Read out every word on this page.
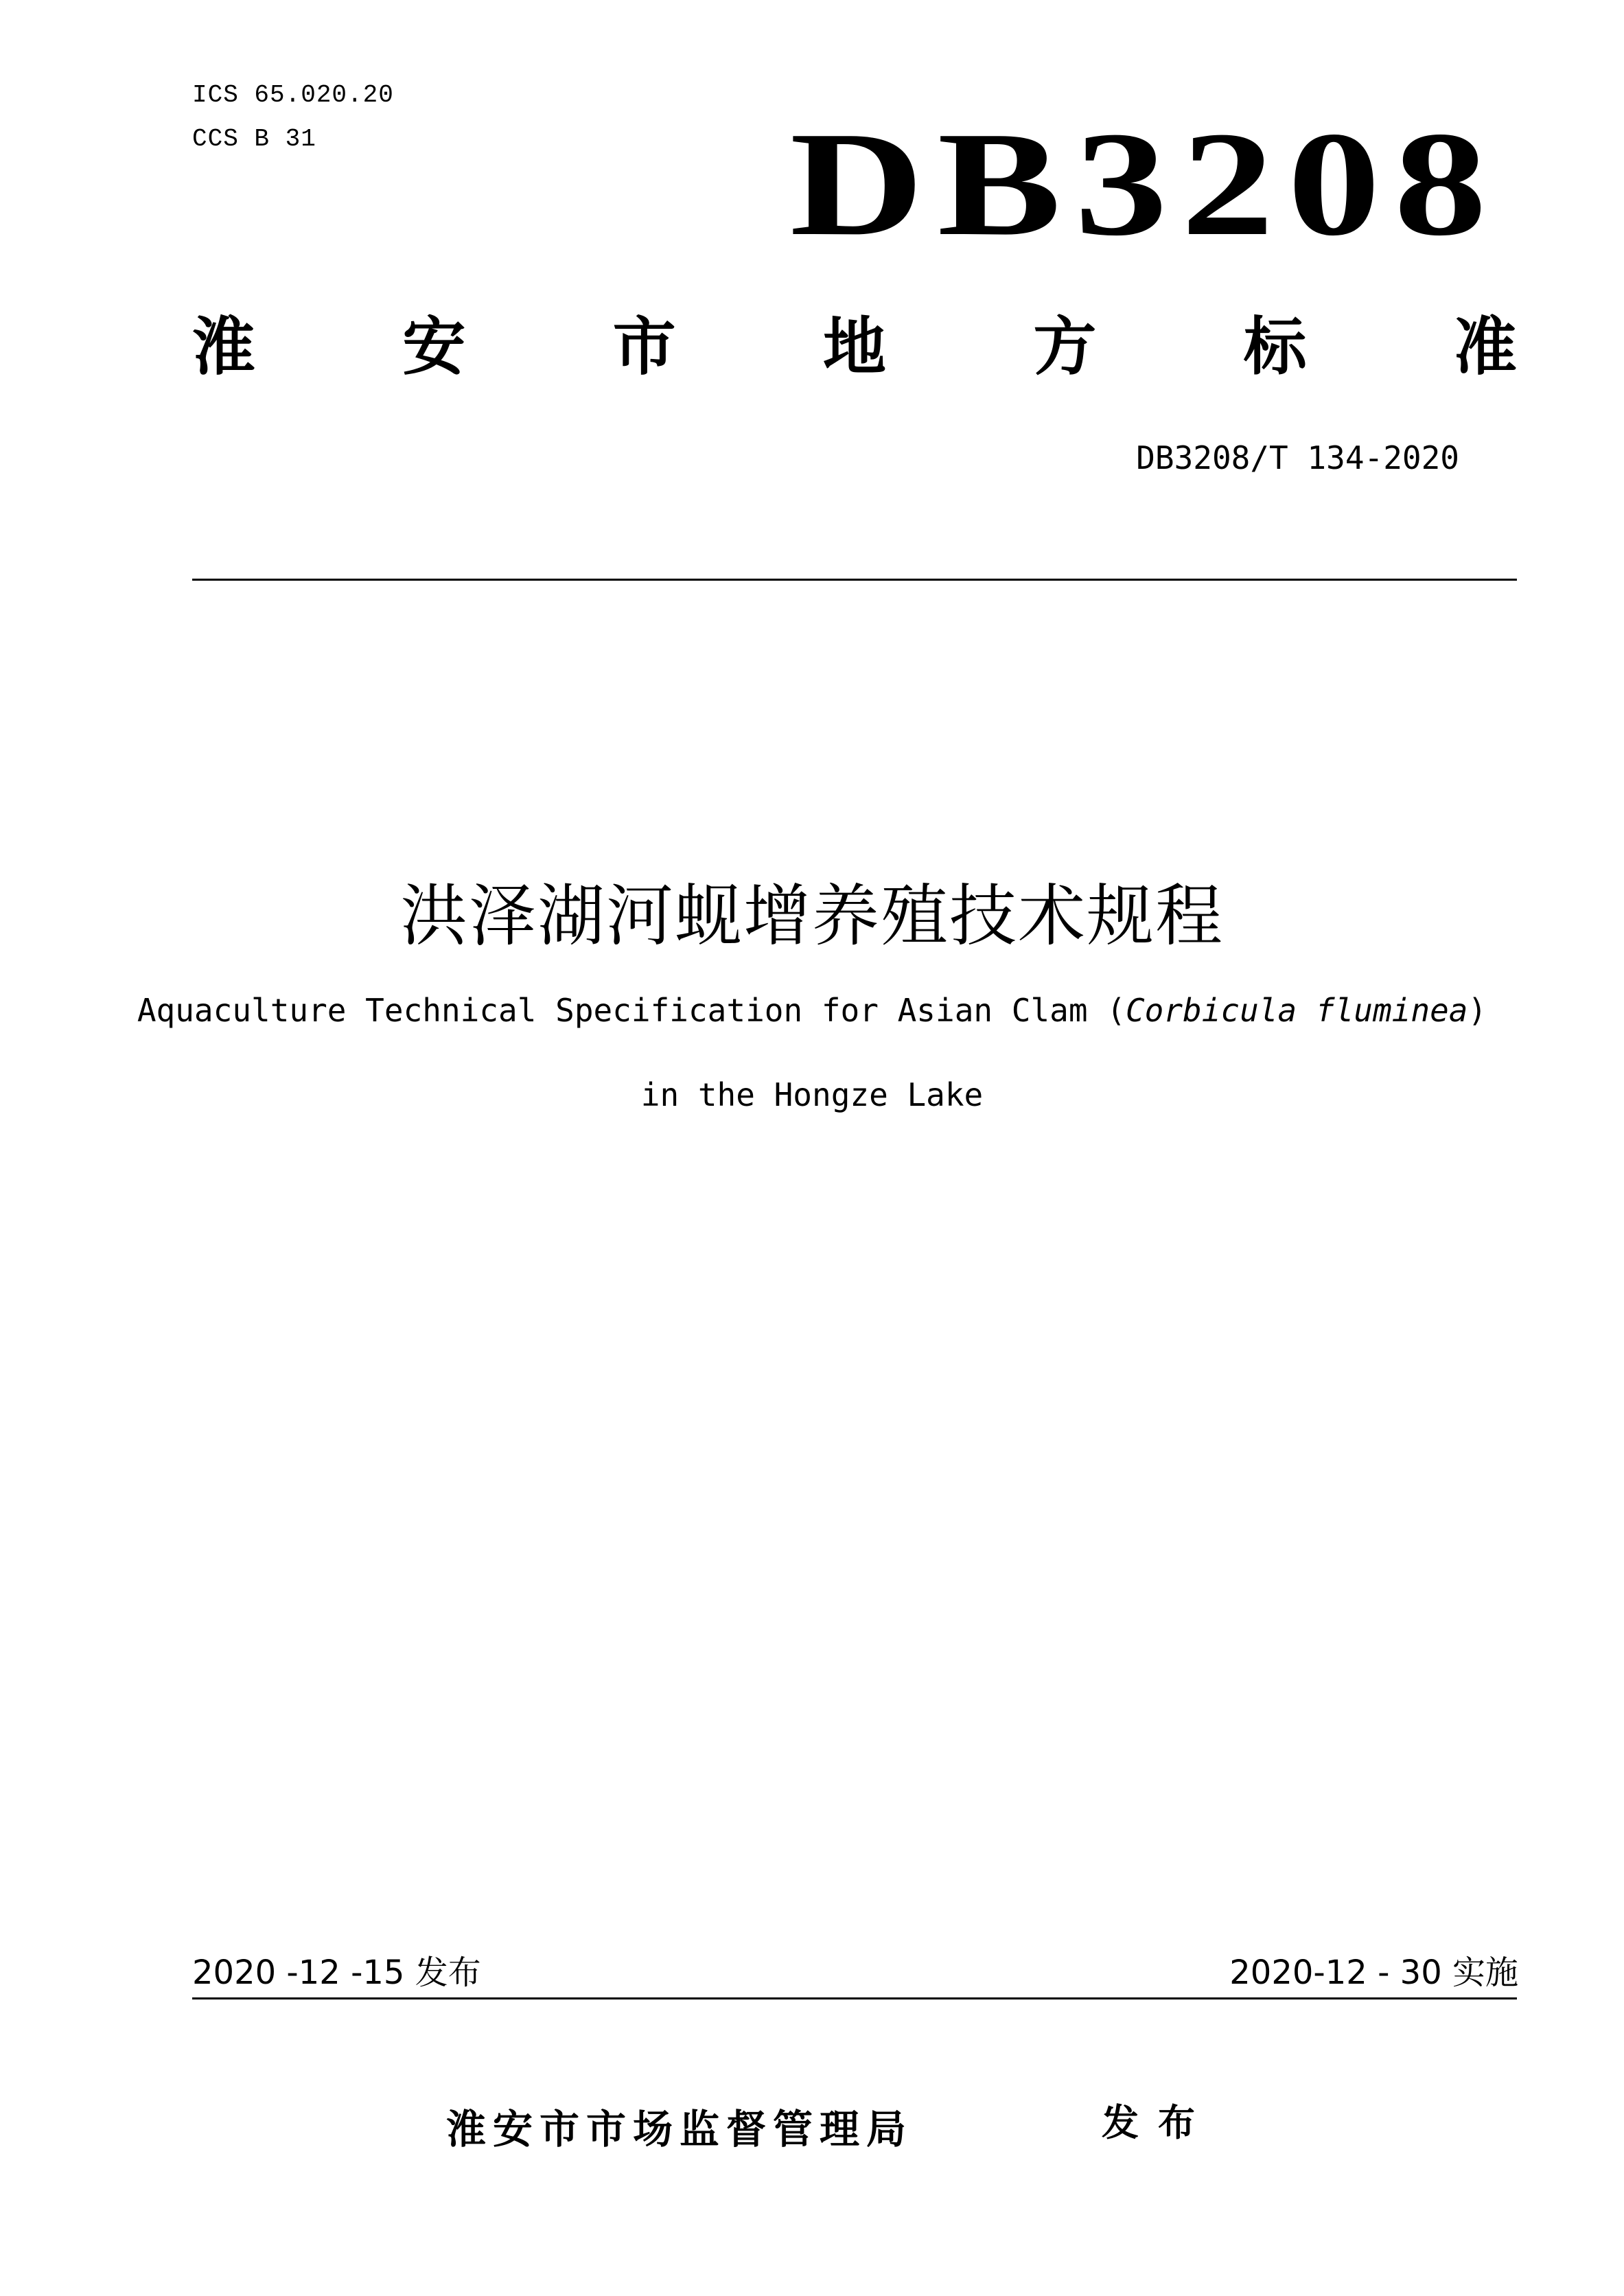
ICS 65.020.20
CCS B 31	DB3208
淮 安 市 地 方 标 准
DB3208/T 134-2020
洪泽湖河蚬增养殖技术规程
Aquaculture Technical Specification for Asian Clam (Corbicula fluminea)
in the Hongze Lake
2020 -12 -15 发布	2020-12 - 30 实施
淮安市市场监督管理局	发布
